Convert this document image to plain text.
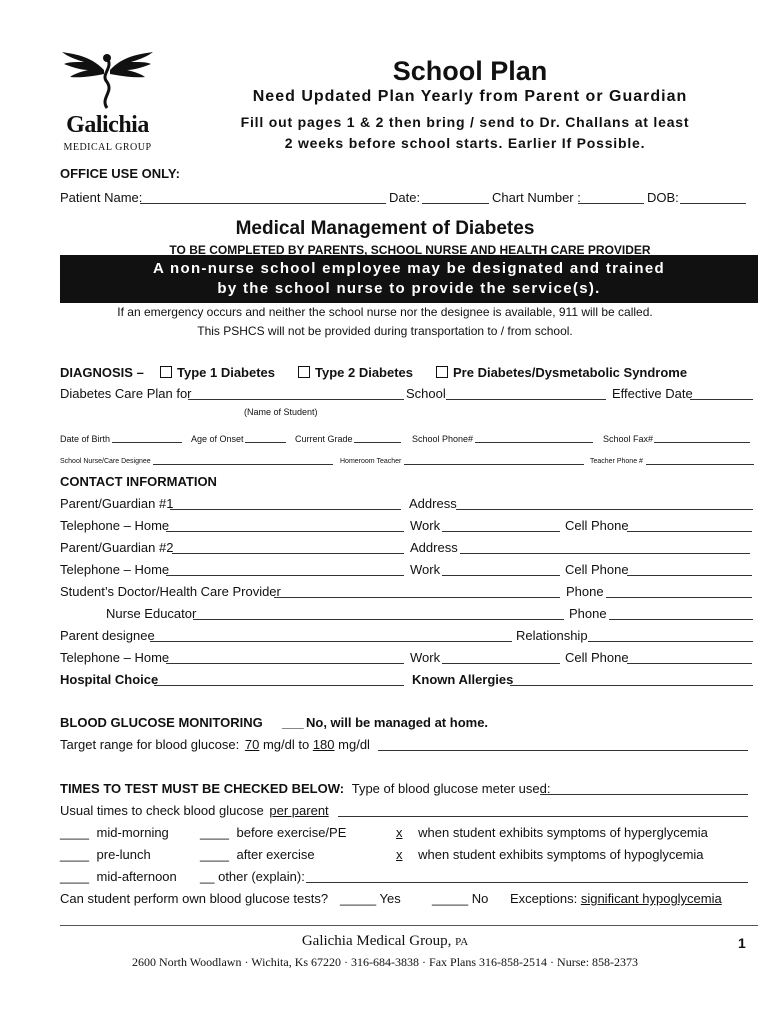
Galichia
MEDICAL GROUP
School Plan
Need Updated Plan Yearly from Parent or Guardian
Fill out pages 1 & 2 then bring / send to Dr. Challans at least
2 weeks before school starts. Earlier If Possible.
OFFICE USE ONLY:
Patient Name:	Date:	Chart Number :	DOB:
Medical Management of Diabetes
TO BE COMPLETED BY PARENTS, SCHOOL NURSE AND HEALTH CARE PROVIDER
A non-nurse school employee may be designated and trained
by the school nurse to provide the service(s).
If an emergency occurs and neither the school nurse nor the designee is available, 911 will be called.
This PSHCS will not be provided during transportation to / from school.
DIAGNOSIS –	Type 1 Diabetes	Type 2 Diabetes	Pre Diabetes/Dysmetabolic Syndrome
Diabetes Care Plan for	School	Effective Date
(Name of Student)
Date of Birth	Age of Onset	Current Grade	School Phone#	School Fax#
School Nurse/Care Designee	Homeroom Teacher	Teacher Phone #
CONTACT INFORMATION
Parent/Guardian #1	Address
Telephone – Home	Work	Cell Phone
Parent/Guardian #2	Address
Telephone – Home	Work	Cell Phone
Student’s Doctor/Health Care Provider	Phone
Nurse Educator	Phone
Parent designee	Relationship
Telephone – Home	Work	Cell Phone
Hospital Choice	Known Allergies
BLOOD GLUCOSE MONITORING ___ No, will be managed at home.
Target range for blood glucose: 70 mg/dl to 180 mg/dl
TIMES TO TEST MUST BE CHECKED BELOW: Type of blood glucose meter used:
Usual times to check blood glucose per parent
____ mid-morning ____ before exercise/PE	x when student exhibits symptoms of hyperglycemia
____ pre-lunch	____ after exercise	x when student exhibits symptoms of hypoglycemia
____ mid-afternoon __ other (explain):
Can student perform own blood glucose tests? _____ Yes _____ No Exceptions: significant hypoglycemia
Galichia Medical Group, PA	1
2600 North Woodlawn · Wichita, Ks 67220 · 316-684-3838 · Fax Plans 316-858-2514 · Nurse: 858-2373
